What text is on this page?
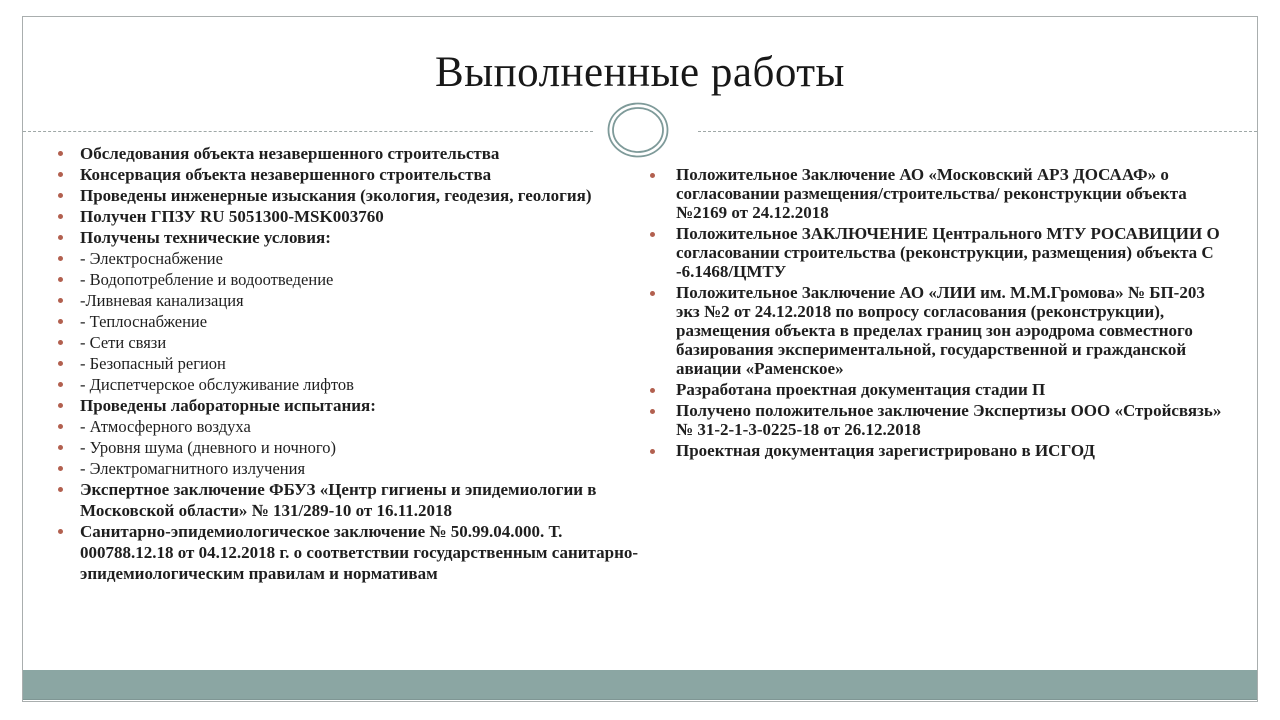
Выполненные работы
Обследования объекта незавершенного строительства
Консервация объекта незавершенного строительства
Проведены инженерные изыскания (экология, геодезия, геология)
Получен ГПЗУ RU 5051300-MSK003760
Получены технические условия:
- Электроснабжение
- Водопотребление и водоотведение
-Ливневая канализация
- Теплоснабжение
- Сети связи
- Безопасный регион
- Диспетчерское обслуживание лифтов
Проведены лабораторные испытания:
- Атмосферного воздуха
- Уровня шума (дневного и ночного)
- Электромагнитного излучения
Экспертное заключение ФБУЗ «Центр гигиены и эпидемиологии в Московской области» № 131/289-10 от 16.11.2018
Санитарно-эпидемиологическое заключение № 50.99.04.000. Т. 000788.12.18 от 04.12.2018 г. о соответствии государственным санитарно-эпидемиологическим правилам и нормативам
Положительное Заключение АО «Московский АРЗ ДОСААФ» о согласовании размещения/строительства/ реконструкции объекта №2169 от 24.12.2018
Положительное ЗАКЛЮЧЕНИЕ Центрального МТУ РОСАВИЦИИ О согласовании строительства (реконструкции, размещения) объекта С -6.1468/ЦМТУ
Положительное Заключение АО «ЛИИ им. М.М.Громова» № БП-203 экз №2 от 24.12.2018 по вопросу согласования (реконструкции), размещения объекта в пределах границ зон аэродрома совместного базирования экспериментальной, государственной и гражданской авиации «Раменское»
Разработана проектная документация стадии П
Получено положительное заключение Экспертизы ООО «Стройсвязь» № 31-2-1-3-0225-18 от 26.12.2018
Проектная документация зарегистрировано в ИСГОД
